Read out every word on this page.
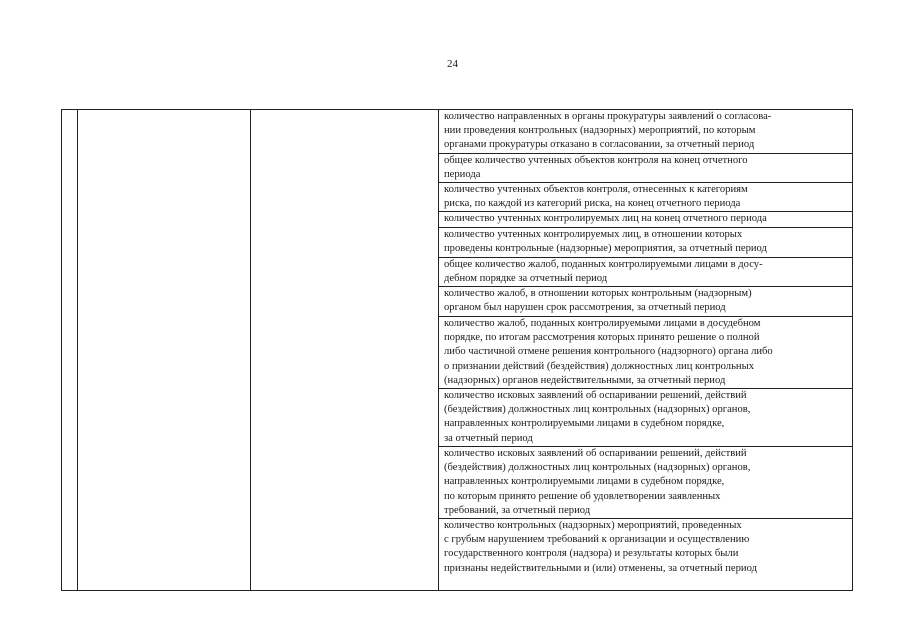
24
количество направленных в органы прокуратуры заявлений о согласова-
нии проведения контрольных (надзорных) мероприятий, по которым
органами прокуратуры отказано в согласовании, за отчетный период
общее количество учтенных объектов контроля на конец отчетного
периода
количество учтенных объектов контроля, отнесенных к категориям
риска, по каждой из категорий риска, на конец отчетного периода
количество учтенных контролируемых лиц на конец отчетного периода
количество учтенных контролируемых лиц, в отношении которых
проведены контрольные (надзорные) мероприятия, за отчетный период
общее количество жалоб, поданных контролируемыми лицами в досу-
дебном порядке за отчетный период
количество жалоб, в отношении которых контрольным (надзорным)
органом был нарушен срок рассмотрения, за отчетный период
количество жалоб, поданных контролируемыми лицами в досудебном
порядке, по итогам рассмотрения которых принято решение о полной
либо частичной отмене решения контрольного (надзорного) органа либо
о признании действий (бездействия) должностных лиц контрольных
(надзорных) органов недействительными, за отчетный период
количество исковых заявлений об оспаривании решений, действий
(бездействия) должностных лиц контрольных (надзорных) органов,
направленных контролируемыми лицами в судебном порядке,
за отчетный период
количество исковых заявлений об оспаривании решений, действий
(бездействия) должностных лиц контрольных (надзорных) органов,
направленных контролируемыми лицами в судебном порядке,
по которым принято решение об удовлетворении заявленных
требований, за отчетный период
количество контрольных (надзорных) мероприятий, проведенных
с грубым нарушением требований к организации и осуществлению
государственного контроля (надзора) и результаты которых были
признаны недействительными и (или) отменены, за отчетный период
